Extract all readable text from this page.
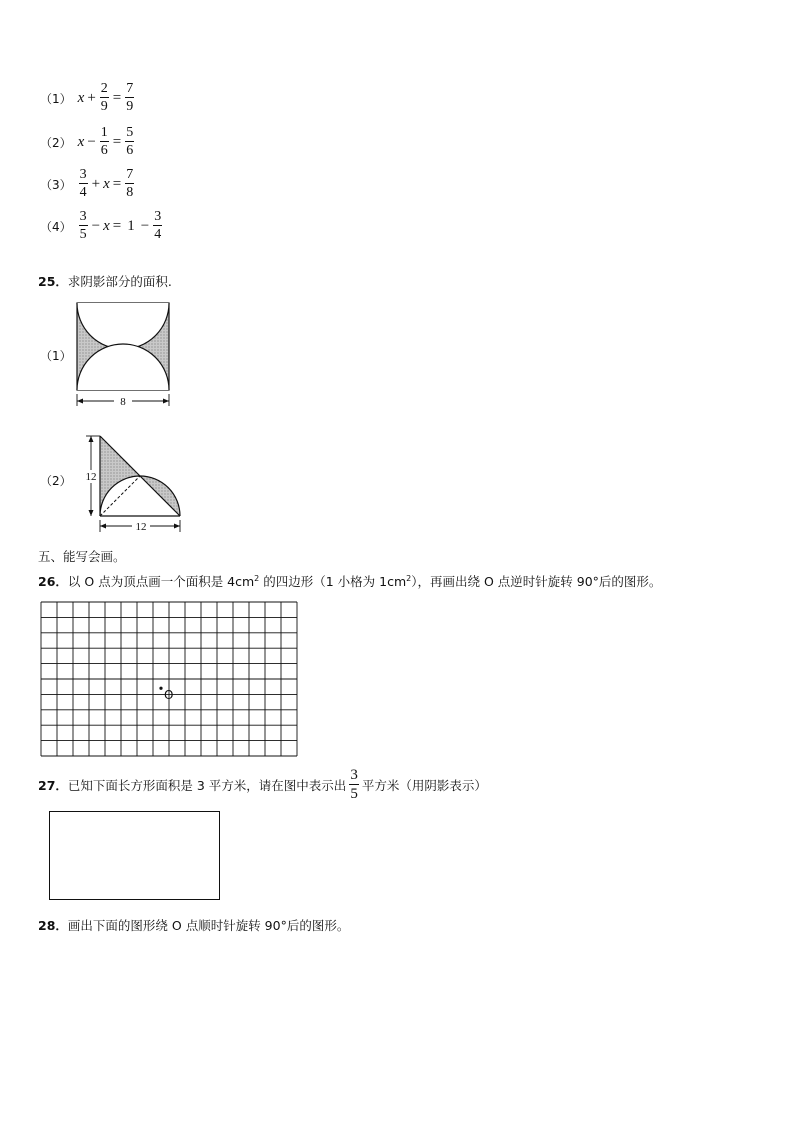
（1） $x + \frac{2}{9} = \frac{7}{9}$
（2） $x - \frac{1}{6} = \frac{5}{6}$
$(3) \frac{3}{4} + x = \frac{7}{8}$
$(4) \frac{3}{5} - x = 1 - \frac{3}{4}$
25．求阴影部分的面积.
（1）
8
（2） 12
12
五、能写会画。
26．以 O 点为顶点画一个面积是 $4cm^2$ 的四边形（1 小格为 $1cm^2$），再画出绕 O 点逆时针旋转 90°后的图形。
O
27． 已知下面长方形面积是 3 平方米，请在图中表示出 $\frac{3}{5}$ 平方米（用阴影表示）
28．画出下面的图形绕 O 点顺时针旋转 90°后的图形。
